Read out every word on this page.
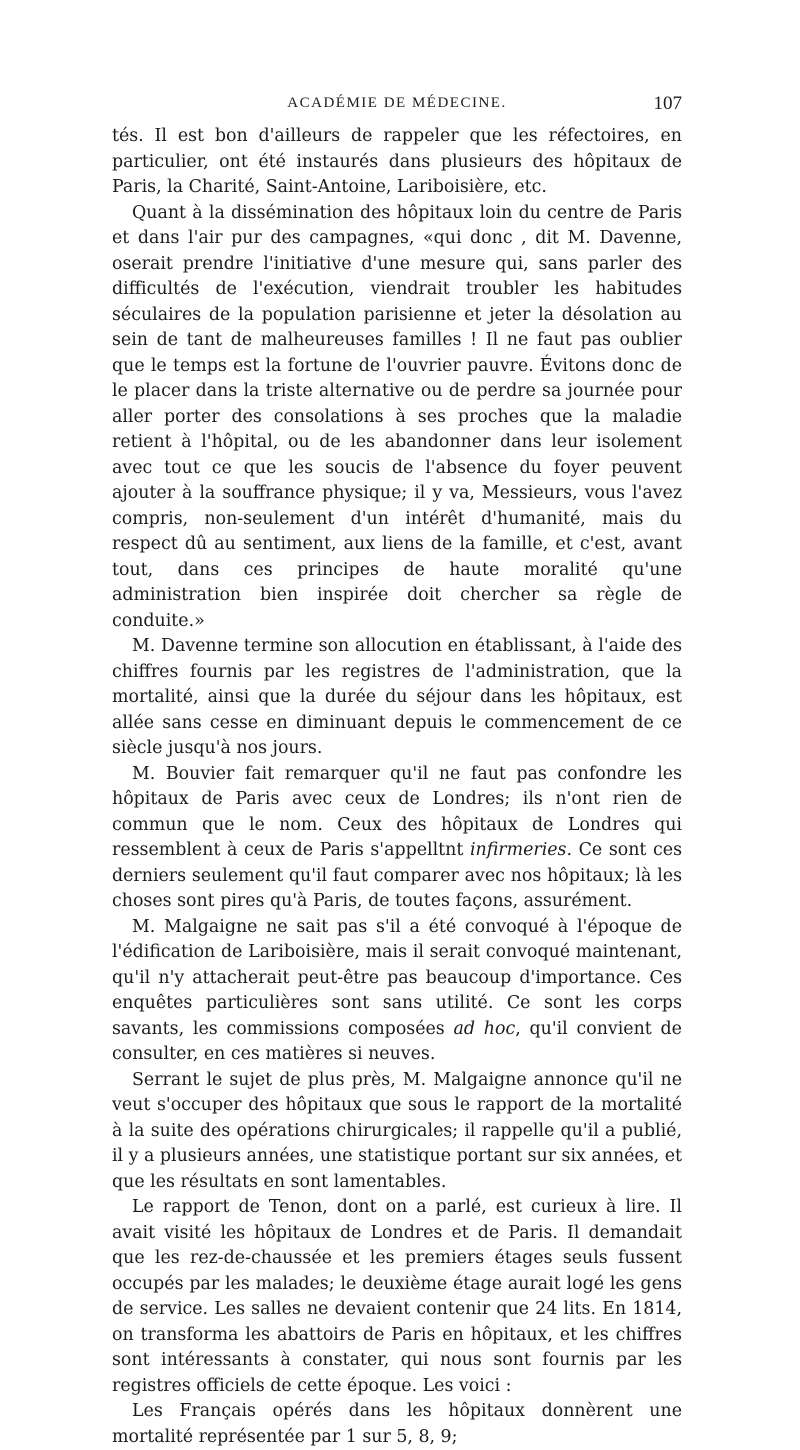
ACADÉMIE DE MÉDECINE.	107

tés. Il est bon d'ailleurs de rappeler que les réfectoires, en particulier, ont été instaurés dans plusieurs des hôpitaux de Paris, la Charité, Saint-Antoine, Lariboisière, etc.

Quant à la dissémination des hôpitaux loin du centre de Paris et dans l'air pur des campagnes, «qui donc , dit M. Davenne, oserait prendre l'initiative d'une mesure qui, sans parler des difficultés de l'exécution, viendrait troubler les habitudes séculaires de la population parisienne et jeter la désolation au sein de tant de malheureuses familles ! Il ne faut pas oublier que le temps est la fortune de l'ouvrier pauvre. Évitons donc de le placer dans la triste alternative ou de perdre sa journée pour aller porter des consolations à ses proches que la maladie retient à l'hôpital, ou de les abandonner dans leur isolement avec tout ce que les soucis de l'absence du foyer peuvent ajouter à la souffrance physique; il y va, Messieurs, vous l'avez compris, non-seulement d'un intérêt d'humanité, mais du respect dû au sentiment, aux liens de la famille, et c'est, avant tout, dans ces principes de haute moralité qu'une administration bien inspirée doit chercher sa règle de conduite.»

M. Davenne termine son allocution en établissant, à l'aide des chiffres fournis par les registres de l'administration, que la mortalité, ainsi que la durée du séjour dans les hôpitaux, est allée sans cesse en diminuant depuis le commencement de ce siècle jusqu'à nos jours.

M. Bouvier fait remarquer qu'il ne faut pas confondre les hôpitaux de Paris avec ceux de Londres; ils n'ont rien de commun que le nom. Ceux des hôpitaux de Londres qui ressemblent à ceux de Paris s'appelltnt infirmeries. Ce sont ces derniers seulement qu'il faut comparer avec nos hôpitaux; là les choses sont pires qu'à Paris, de toutes façons, assurément.

M. Malgaigne ne sait pas s'il a été convoqué à l'époque de l'édification de Lariboisière, mais il serait convoqué maintenant, qu'il n'y attacherait peut-être pas beaucoup d'importance. Ces enquêtes particulières sont sans utilité. Ce sont les corps savants, les commissions composées ad hoc, qu'il convient de consulter, en ces matières si neuves.

Serrant le sujet de plus près, M. Malgaigne annonce qu'il ne veut s'occuper des hôpitaux que sous le rapport de la mortalité à la suite des opérations chirurgicales; il rappelle qu'il a publié, il y a plusieurs années, une statistique portant sur six années, et que les résultats en sont lamentables.

Le rapport de Tenon, dont on a parlé, est curieux à lire. Il avait visité les hôpitaux de Londres et de Paris. Il demandait que les rez-de-chaussée et les premiers étages seuls fussent occupés par les malades; le deuxième étage aurait logé les gens de service. Les salles ne devaient contenir que 24 lits. En 1814, on transforma les abattoirs de Paris en hôpitaux, et les chiffres sont intéressants à constater, qui nous sont fournis par les registres officiels de cette époque. Les voici :

Les Français opérés dans les hôpitaux donnèrent une mortalité représentée par 1 sur 5, 8, 9;
